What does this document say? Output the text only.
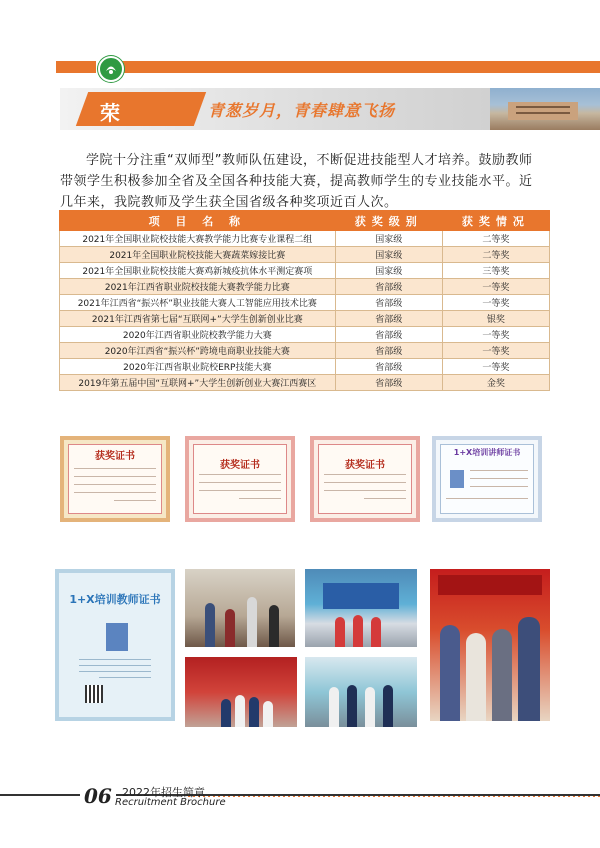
荣 誉
青葱岁月，青春肆意飞扬

学院十分注重“双师型”教师队伍建设，不断促进技能型人才培养。鼓励教师带领学生积极参加全省及全国各种技能大赛，提高教师学生的专业技能水平。近几年来，我院教师及学生获全国省级各种奖项近百人次。

项 目 名 称	获奖级别	获奖情况
2021年全国职业院校技能大赛教学能力比赛专业课程二组	国家级	二等奖
2021年全国职业院校技能大赛蔬菜嫁接比赛	国家级	二等奖
2021年全国职业院校技能大赛鸡新城疫抗体水平测定赛项	国家级	三等奖
2021年江西省职业院校技能大赛教学能力比赛	省部级	一等奖
2021年江西省“振兴杯”职业技能大赛人工智能应用技术比赛	省部级	一等奖
2021年江西省第七届“互联网+”大学生创新创业比赛	省部级	银奖
2020年江西省职业院校教学能力大赛	省部级	一等奖
2020年江西省“振兴杯”跨境电商职业技能大赛	省部级	一等奖
2020年江西省职业院校ERP技能大赛	省部级	一等奖
2019年第五届中国“互联网+”大学生创新创业大赛江西赛区	省部级	金奖
获奖证书
获奖证书	获奖证书
1+X培训讲师证书
1+X培训教师证书
06 2022年招生简章
Recruitment Brochure
